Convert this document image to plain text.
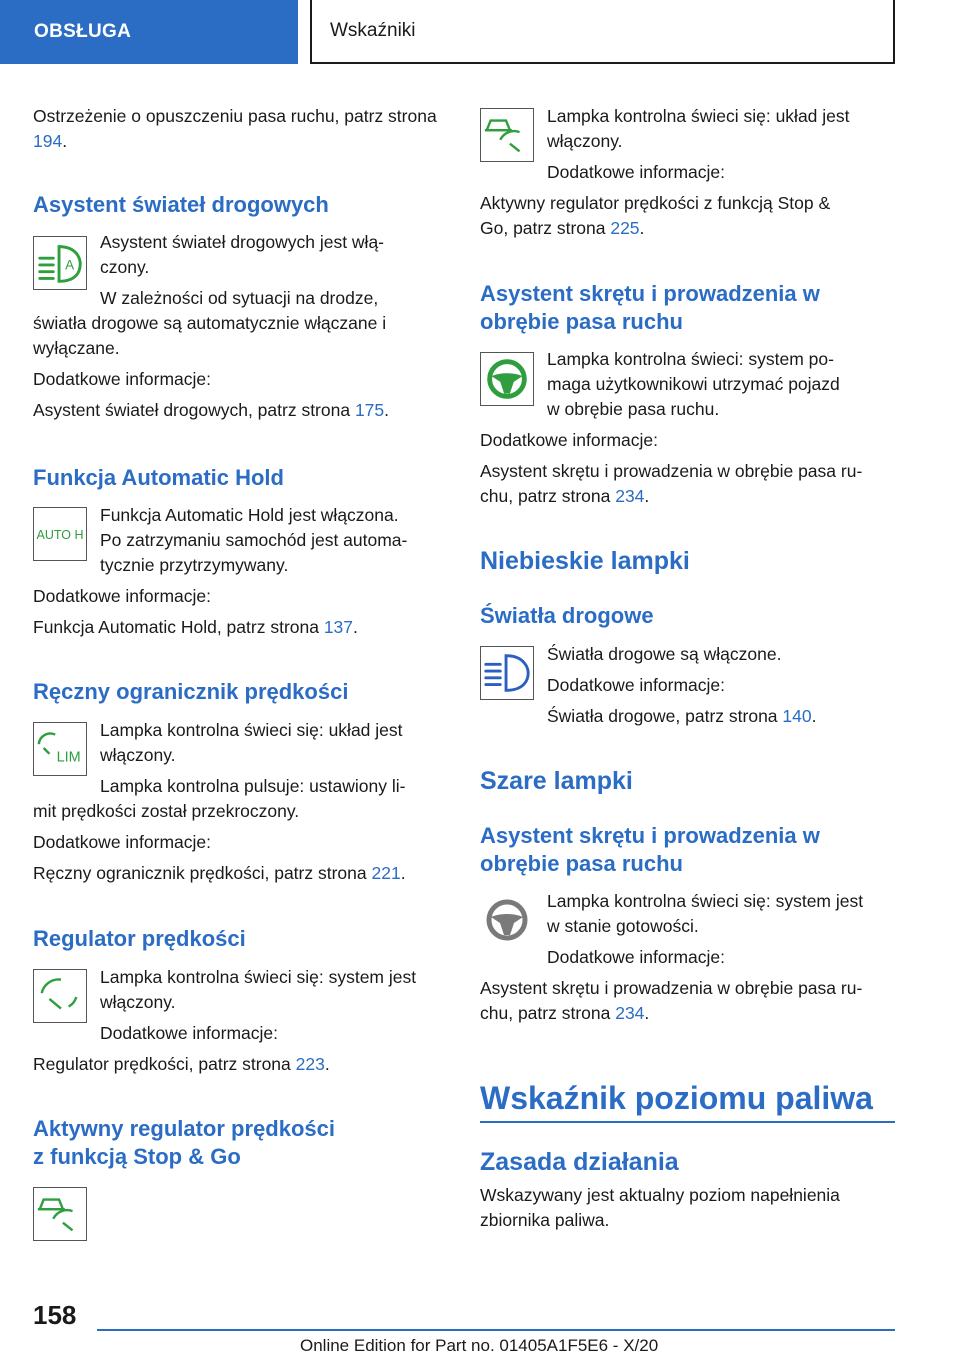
OBSŁUGA	Wskaźniki

Ostrzeżenie o opuszczeniu pasa ruchu, patrz strona 194.

Asystent świateł drogowych

A

Asystent świateł drogowych jest włą-

czony.

W zależności od sytuacji na drodze,

światła drogowe są automatycznie włączane i

wyłączane.

Dodatkowe informacje:

Asystent świateł drogowych, patrz strona 175.

Funkcja Automatic Hold

AUTO H

Funkcja Automatic Hold jest włączona.

Po zatrzymaniu samochód jest automa-

tycznie przytrzymywany.

Dodatkowe informacje:

Funkcja Automatic Hold, patrz strona 137.

Ręczny ogranicznik prędkości

LIM

Lampka kontrolna świeci się: układ jest

włączony.

Lampka kontrolna pulsuje: ustawiony li-

mit prędkości został przekroczony.

Dodatkowe informacje:

Ręczny ogranicznik prędkości, patrz strona 221.

Regulator prędkości

Lampka kontrolna świeci się: system jest

włączony.

Dodatkowe informacje:

Regulator prędkości, patrz strona 223.

Aktywny regulator prędkości

z funkcją Stop & Go

Lampka kontrolna świeci się: układ jest

włączony.

Dodatkowe informacje:

Aktywny regulator prędkości z funkcją Stop &

Go, patrz strona 225.

Asystent skrętu i prowadzenia w

obrębie pasa ruchu

Lampka kontrolna świeci: system po-

maga użytkownikowi utrzymać pojazd

w obrębie pasa ruchu.

Dodatkowe informacje:

Asystent skrętu i prowadzenia w obrębie pasa ru-

chu, patrz strona 234.

Niebieskie lampki

Światła drogowe

Światła drogowe są włączone.

Dodatkowe informacje:

Światła drogowe, patrz strona 140.

Szare lampki

Asystent skrętu i prowadzenia w

obrębie pasa ruchu

Lampka kontrolna świeci się: system jest

w stanie gotowości.

Dodatkowe informacje:

Asystent skrętu i prowadzenia w obrębie pasa ru-

chu, patrz strona 234.

Wskaźnik poziomu paliwa

Zasada działania

Wskazywany jest aktualny poziom napełnienia

zbiornika paliwa.

158
Online Edition for Part no. 01405A1F5E6 - X/20
